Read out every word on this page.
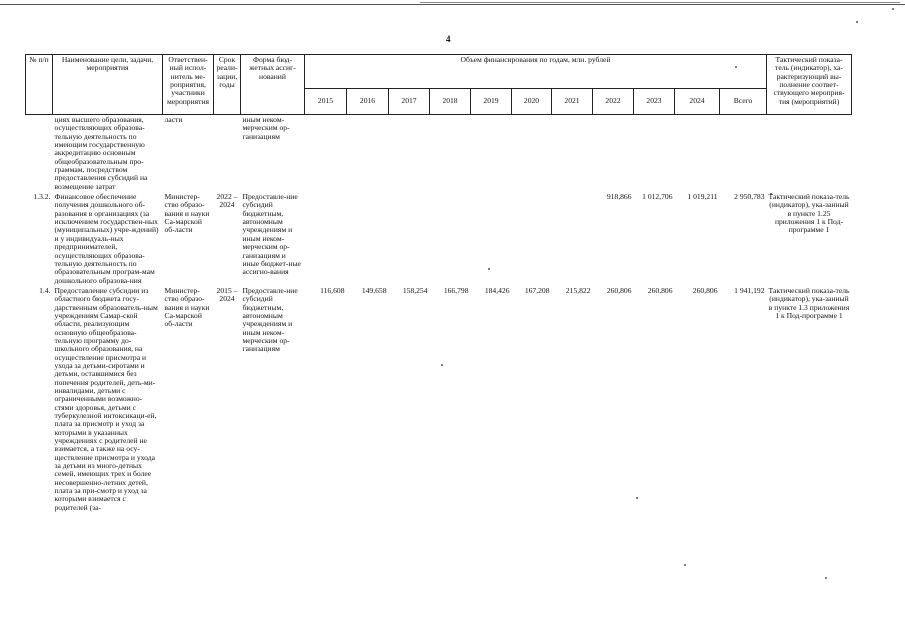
4
№ п/п	Наименование цели, задачи, мероприятия	Ответствен-ный испол-нитель ме-роприятия, участники мероприятия	Срок реали-зации, годы	Форма бюд-жетных ассиг-нований	Объем финансирования по годам, млн. рублей											Тактический показа-тель (индикатор), ха-рактеризующий вы-полнение соответ-ствующего мероприя-тия (мероприятий)
					2015	2016	2017	2018	2019	2020	2021	2022	2023	2024	Всего	
	циях высшего образования, осуществляющих образова-тельную деятельность по имеющим государственную аккредитацию основным общеобразовательным про-граммам, посредством предоставления субсидий на возмещение затрат	ласти		иным неком-мерческим ор-ганизациям												
1.3.2.	Финансовое обеспечение получения дошкольного об-разования в организациях (за исключением государствен-ных (муниципальных) учре-ждений) и у индивидуаль-ных предпринимателей, осуществляющих образова-тельную деятельность по образовательным програм-мам дошкольного образова-ния	Министер-ство образо-вания и науки Са-марской об-ласти	2022 – 2024	Предоставле-ние субсидий бюджетным, автономным учреждениям и иным неком-мерческим ор-ганизациям и иные бюджет-ные ассигно-вания								918,866	1 012,706	1 019,211	2 950,783	Тактический показа-тель (индикатор), ука-занный в пункте 1.25 приложения 1 к Под-программе 1
1.4.	Предоставление субсидии из областного бюджета госу-дарственным образователь-ным учреждениям Самар-ской области, реализующим основную общеобразова-тельную программу до-школьного образования, на осуществление присмотра и ухода за детьми-сиротами и детьми, оставшимися без попечения родителей, деть-ми-инвалидами, детьми с ограниченными возможно-стями здоровья, детьми с туберкулезной интоксикаци-ей, плата за присмотр и уход за которыми в указанных учреждениях с родителей не взимается, а также на осу-ществление присмотра и ухода за детьми из много-детных семей, имеющих трех и более несовершенно-летних детей, плата за при-смотр и уход за которыми взимается с родителей (за-	Министер-ство образо-вания и науки Са-марской об-ласти	2015 – 2024	Предоставле-ние субсидий бюджетным, автономным учреждениям и иным неком-мерческим ор-ганизациям	116,608	149,658	158,254	166,798	184,426	167,208	215,822	260,806	260,806	260,806	1 941,192	Тактический показа-тель (индикатор), ука-занный в пункте 1.3 приложения 1 к Под-программе 1
